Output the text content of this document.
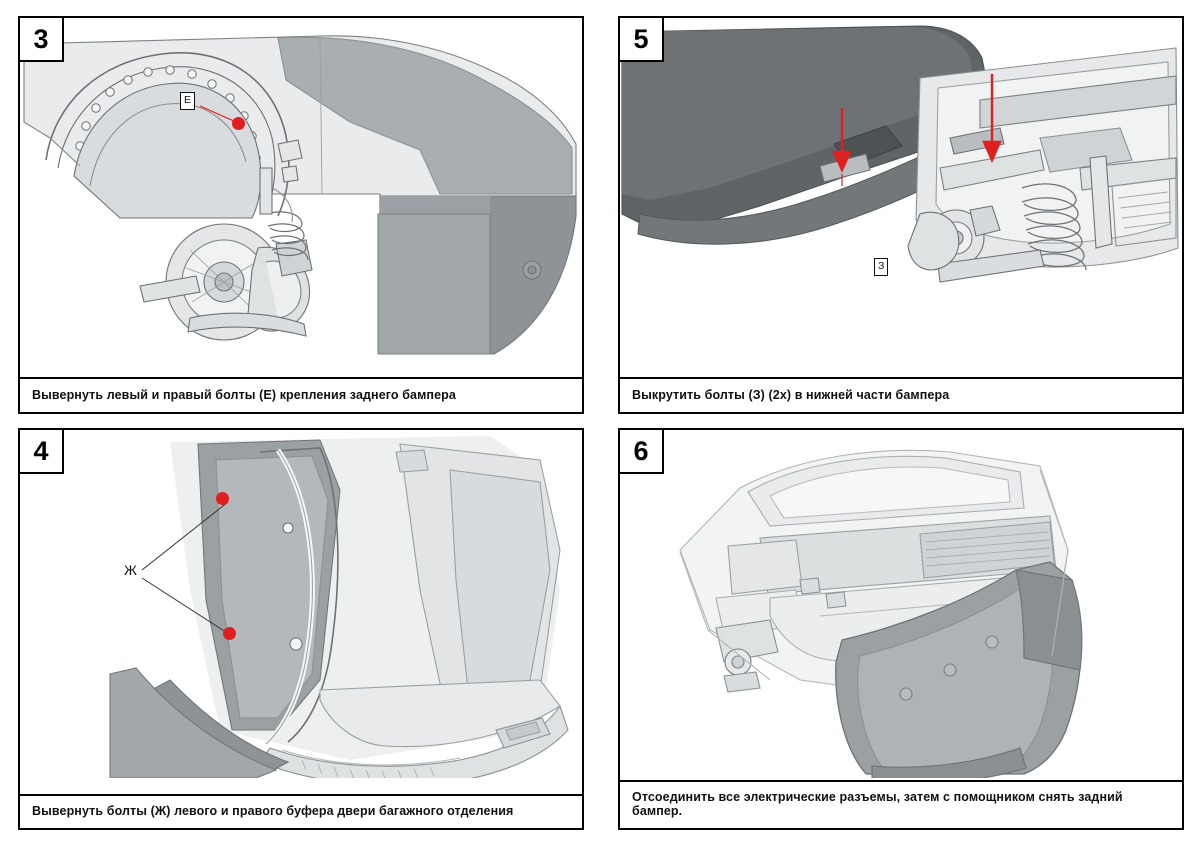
3
E
Вывернуть левый и правый болты (E) крепления заднего бампера
5
З
Выкрутить болты (З) (2x) в нижней части бампера
4
Ж
Вывернуть болты (Ж) левого и правого буфера двери багажного отделения
6
Отсоединить все электрические разъемы, затем с помощником снять задний бампер.
